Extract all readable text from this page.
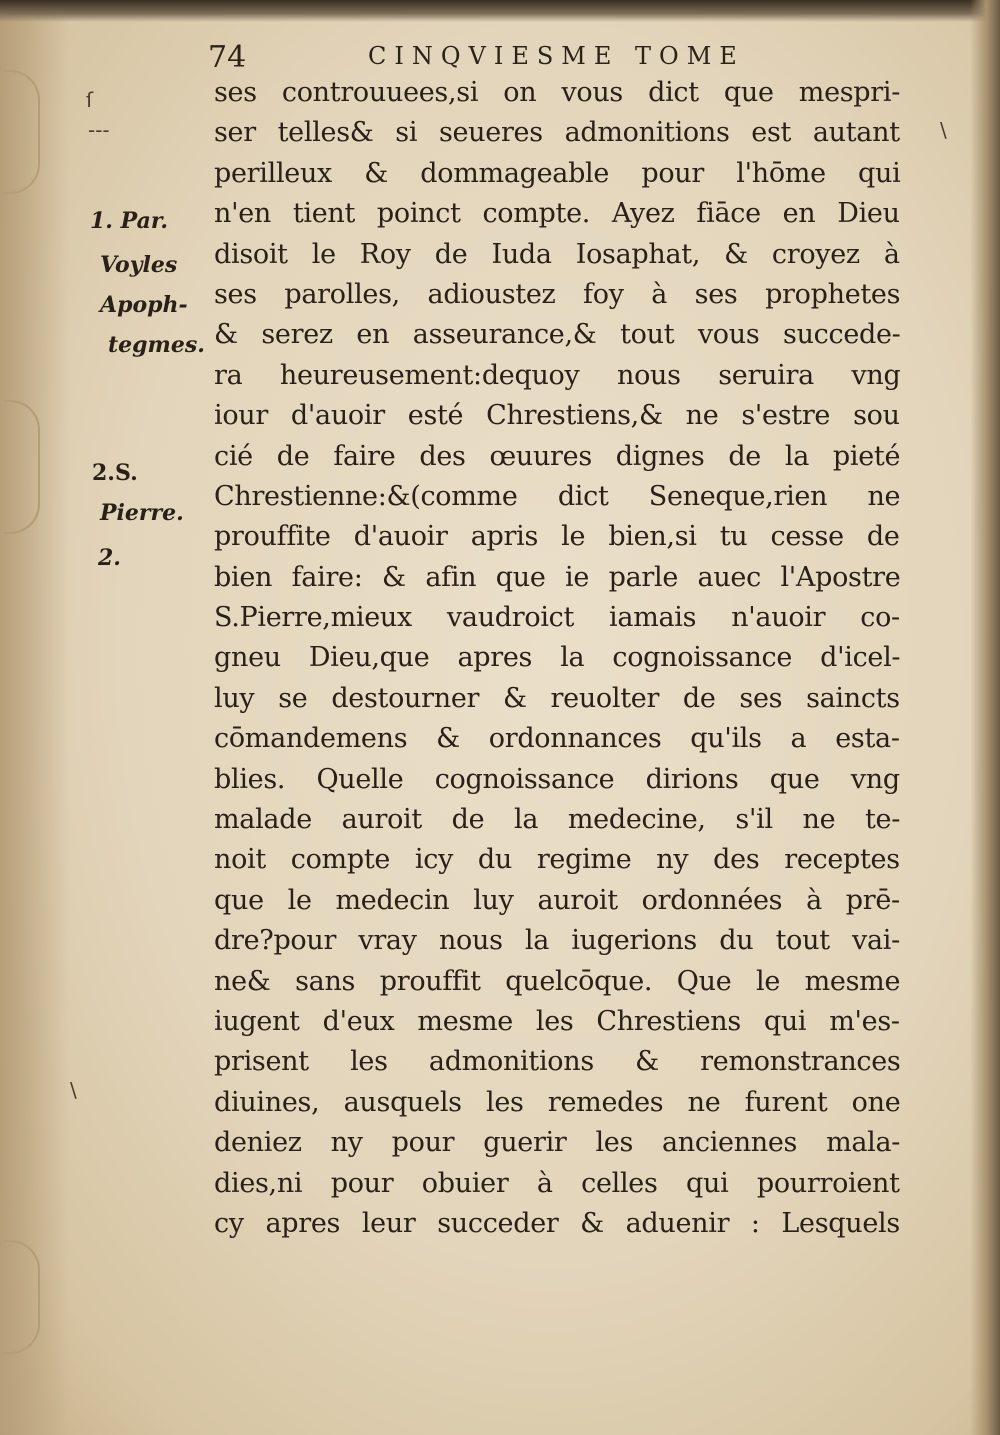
ſ
---	\
\
74	CINQVIESME TOME
1. Par.
Voyles
Apoph-
tegmes.
2.S.
Pierre.
2.
ses controuuees,si on vous dict que mespri-
ser telles& si seueres admonitions est autant
perilleux & dommageable pour l'hōme qui
n'en tient poinct compte. Ayez fiāce en Dieu
disoit le Roy de Iuda Iosaphat, & croyez à
ses parolles, adioustez foy à ses prophetes
& serez en asseurance,& tout vous succede-
ra heureusement:dequoy nous seruira vng
iour d'auoir esté Chrestiens,& ne s'estre sou
cié de faire des œuures dignes de la pieté
Chrestienne:&(comme dict Seneque,rien ne
prouffite d'auoir apris le bien,si tu cesse de
bien faire: & afin que ie parle auec l'Apostre
S.Pierre,mieux vaudroict iamais n'auoir co-
gneu Dieu,que apres la cognoissance d'icel-
luy se destourner & reuolter de ses saincts
cōmandemens & ordonnances qu'ils a esta-
blies. Quelle cognoissance dirions que vng
malade auroit de la medecine, s'il ne te-
noit compte icy du regime ny des receptes
que le medecin luy auroit ordonnées à prē-
dre?pour vray nous la iugerions du tout vai-
ne& sans prouffit quelcōque. Que le mesme
iugent d'eux mesme les Chrestiens qui m'es-
prisent les admonitions & remonstrances
diuines, ausquels les remedes ne furent one
deniez ny pour guerir les anciennes mala-
dies,ni pour obuier à celles qui pourroient
cy apres leur succeder & aduenir : Lesquels
